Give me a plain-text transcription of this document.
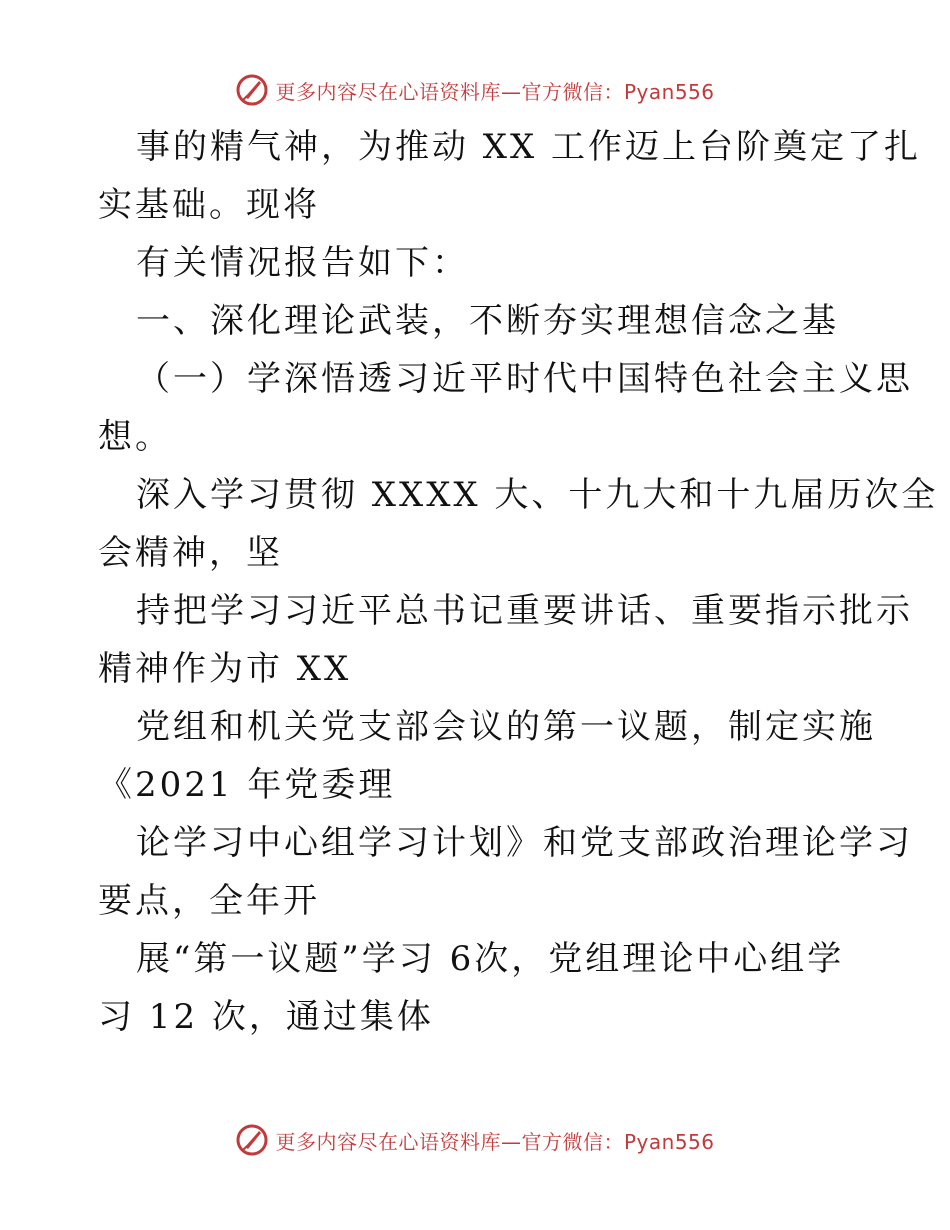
更多内容尽在心语资料库—官方微信：Pyan556
事的精气神，为推动 XX 工作迈上台阶奠定了扎
实基础。现将
有关情况报告如下：
一、深化理论武装，不断夯实理想信念之基
（一）学深悟透习近平时代中国特色社会主义思
想。
深入学习贯彻 XXXX 大、十九大和十九届历次全
会精神，坚
持把学习习近平总书记重要讲话、重要指示批示
精神作为市 XX
党组和机关党支部会议的第一议题，制定实施
《2021 年党委理
论学习中心组学习计划》和党支部政治理论学习
要点，全年开
展“第一议题”学习 6次，党组理论中心组学
习 12 次，通过集体
更多内容尽在心语资料库—官方微信：Pyan556
